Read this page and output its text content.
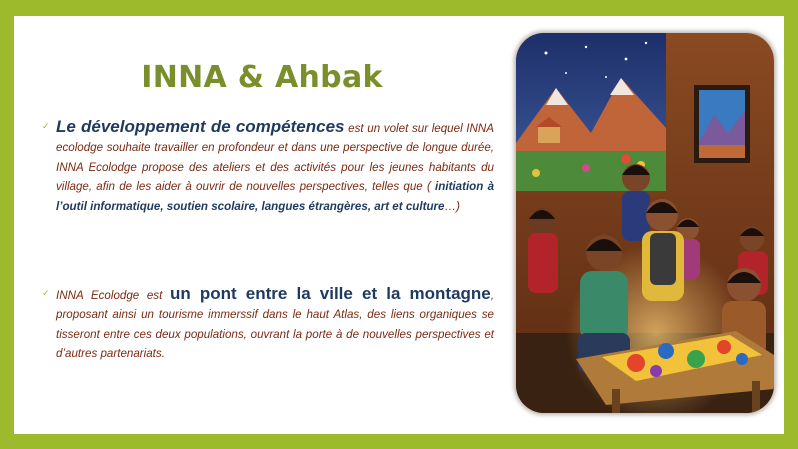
INNA & Ahbak
✓ Le développement de compétences est un volet sur lequel INNA ecolodge souhaite travailler en profondeur et dans une perspective de longue durée, INNA Ecolodge propose des ateliers et des activités pour les jeunes habitants du village, afin de les aider à ouvrir de nouvelles perspectives, telles que ( initiation à l’outil informatique, soutien scolaire, langues étrangères, art et culture…)
✓ INNA Ecolodge est un pont entre la ville et la montagne, proposant ainsi un tourisme immerssif dans le haut Atlas, des liens organiques se tisseront entre ces deux populations, ouvrant la porte à de nouvelles perspectives et d’autres partenariats.
